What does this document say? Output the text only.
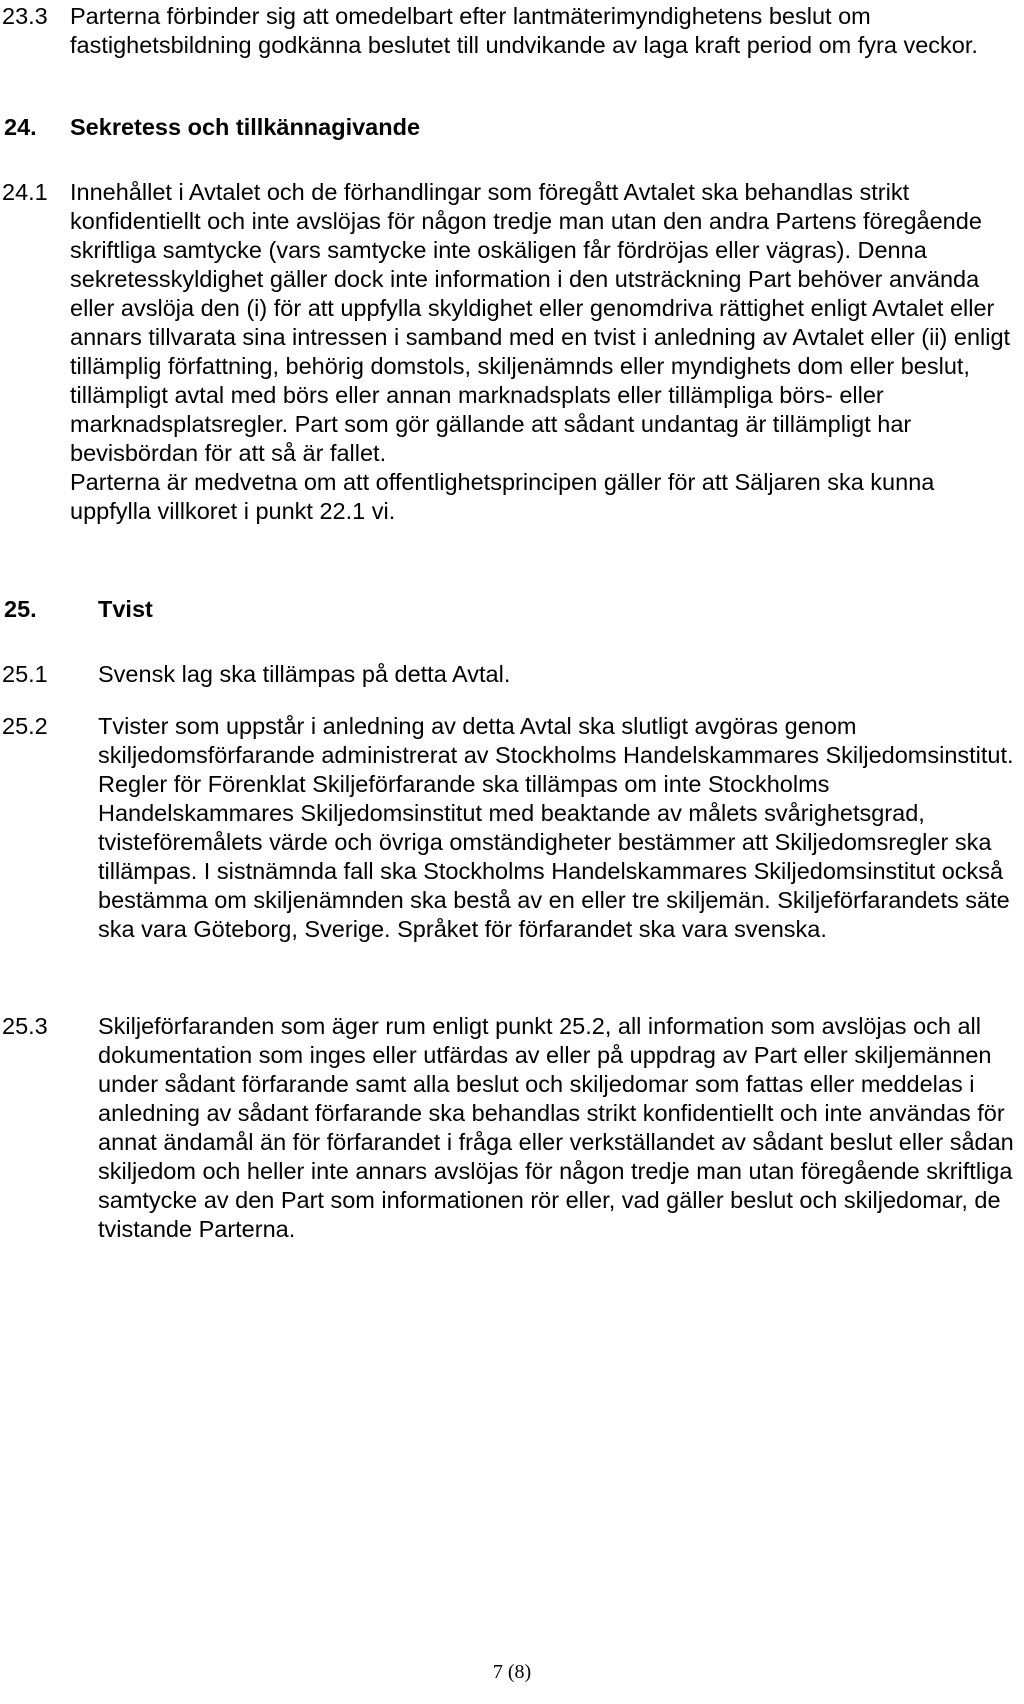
23.3 Parterna förbinder sig att omedelbart efter lantmäterimyndighetens beslut om fastighetsbildning godkänna beslutet till undvikande av laga kraft period om fyra veckor.

24.	Sekretess och tillkännagivande
24.1 Innehållet i Avtalet och de förhandlingar som föregått Avtalet ska behandlas strikt konfidentiellt och inte avslöjas för någon tredje man utan den andra Partens föregående skriftliga samtycke (vars samtycke inte oskäligen får fördröjas eller vägras). Denna sekretesskyldighet gäller dock inte information i den utsträckning Part behöver använda eller avslöja den (i) för att uppfylla skyldighet eller genomdriva rättighet enligt Avtalet eller annars tillvarata sina intressen i samband med en tvist i anledning av Avtalet eller (ii) enligt tillämplig författning, behörig domstols, skiljenämnds eller myndighets dom eller beslut, tillämpligt avtal med börs eller annan marknadsplats eller tillämpliga börs- eller marknadsplatsregler. Part som gör gällande att sådant undantag är tillämpligt har bevisbördan för att så är fallet.

Parterna är medvetna om att offentlighetsprincipen gäller för att Säljaren ska kunna uppfylla villkoret i punkt 22.1 vi.

25.	Tvist
25.1	Svensk lag ska tillämpas på detta Avtal.

25.2	Tvister som uppstår i anledning av detta Avtal ska slutligt avgöras genom skiljedomsförfarande administrerat av Stockholms Handelskammares Skiljedomsinstitut. Regler för Förenklat Skiljeförfarande ska tillämpas om inte Stockholms Handelskammares Skiljedomsinstitut med beaktande av målets svårighetsgrad, tvisteföremålets värde och övriga omständigheter bestämmer att Skiljedomsregler ska tillämpas. I sistnämnda fall ska Stockholms Handelskammares Skiljedomsinstitut också bestämma om skiljenämnden ska bestå av en eller tre skiljemän. Skiljeförfarandets säte ska vara Göteborg, Sverige. Språket för förfarandet ska vara svenska.

25.3	Skiljeförfaranden som äger rum enligt punkt 25.2, all information som avslöjas och all dokumentation som inges eller utfärdas av eller på uppdrag av Part eller skiljemännen under sådant förfarande samt alla beslut och skiljedomar som fattas eller meddelas i anledning av sådant förfarande ska behandlas strikt konfidentiellt och inte användas för annat ändamål än för förfarandet i fråga eller verkställandet av sådant beslut eller sådan skiljedom och heller inte annars avslöjas för någon tredje man utan föregående skriftliga samtycke av den Part som informationen rör eller, vad gäller beslut och skiljedomar, de tvistande Parterna.

7 (8)
